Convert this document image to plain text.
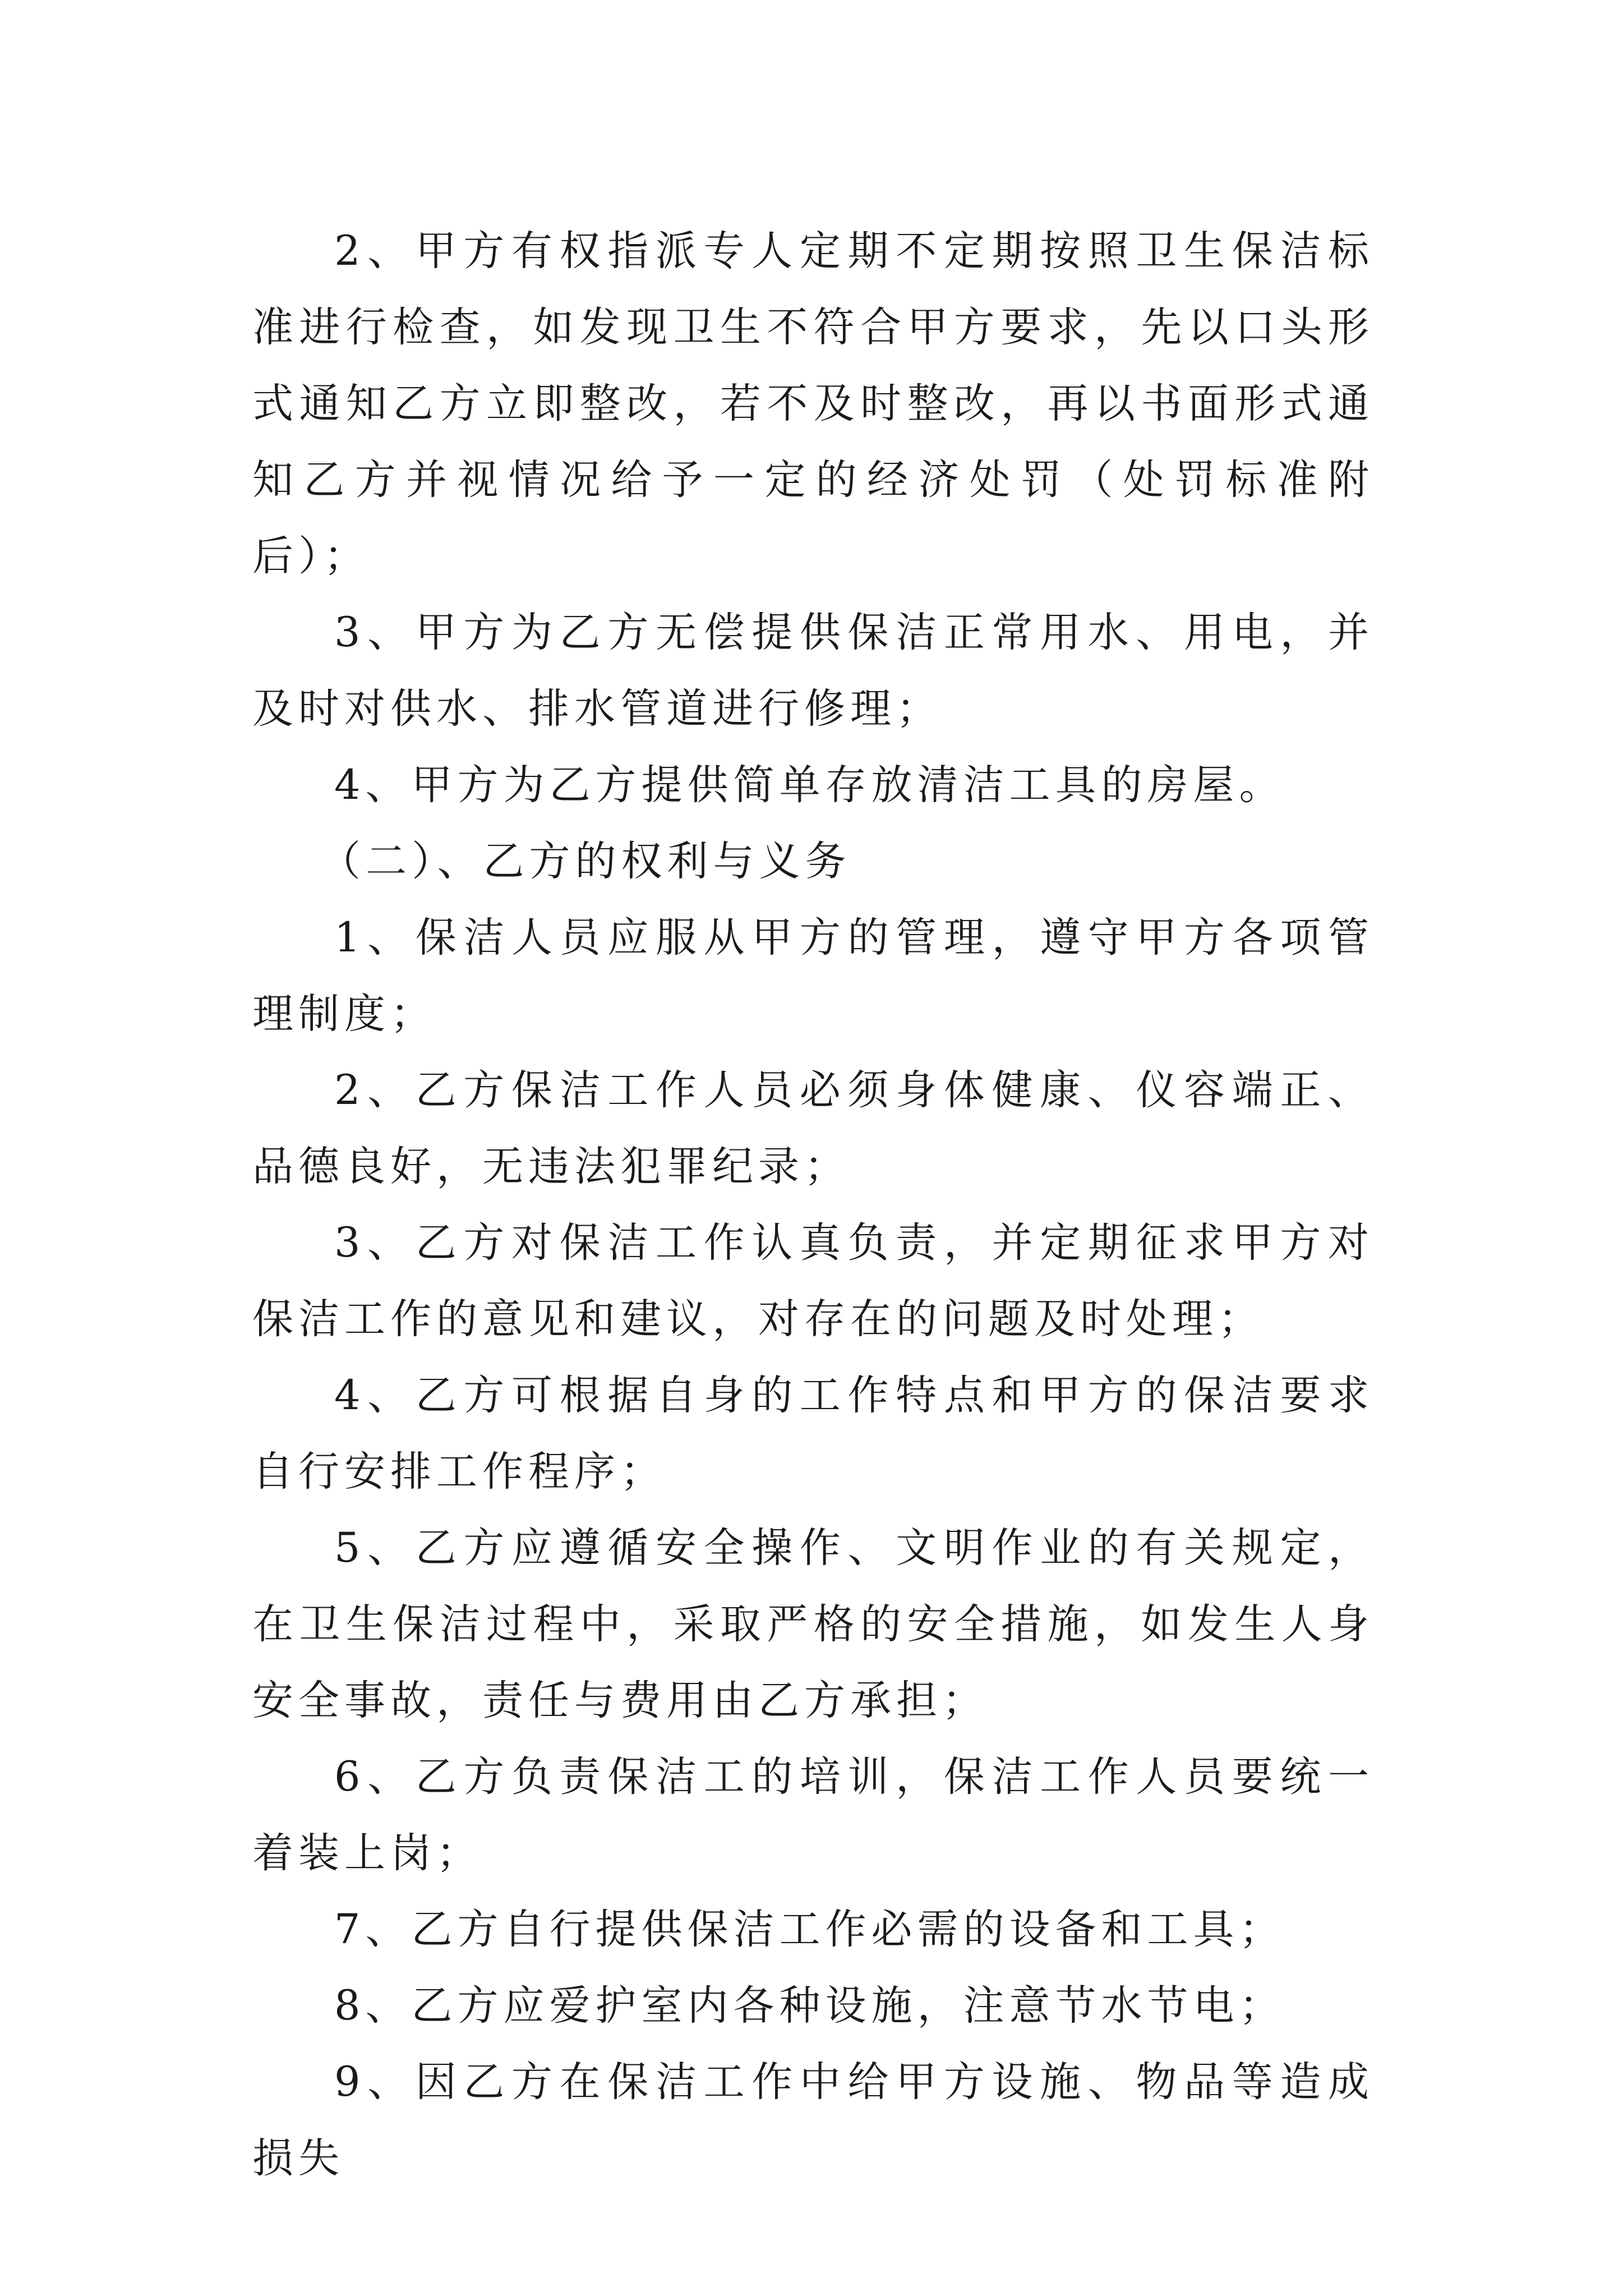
2、甲方有权指派专人定期不定期按照卫生保洁标准进行检查，如发现卫生不符合甲方要求，先以口头形式通知乙方立即整改，若不及时整改，再以书面形式通知乙方并视情况给予一定的经济处罚（处罚标准附后）；

3、甲方为乙方无偿提供保洁正常用水、用电，并及时对供水、排水管道进行修理；

4、甲方为乙方提供简单存放清洁工具的房屋。

（二）、乙方的权利与义务

1、保洁人员应服从甲方的管理，遵守甲方各项管理制度；

2、乙方保洁工作人员必须身体健康、仪容端正、品德良好，无违法犯罪纪录；

3、乙方对保洁工作认真负责，并定期征求甲方对保洁工作的意见和建议，对存在的问题及时处理；

4、乙方可根据自身的工作特点和甲方的保洁要求自行安排工作程序；

5、乙方应遵循安全操作、文明作业的有关规定，在卫生保洁过程中，采取严格的安全措施，如发生人身安全事故，责任与费用由乙方承担；

6、乙方负责保洁工的培训，保洁工作人员要统一着装上岗；

7、乙方自行提供保洁工作必需的设备和工具；

8、乙方应爱护室内各种设施，注意节水节电；

9、因乙方在保洁工作中给甲方设施、物品等造成损失
